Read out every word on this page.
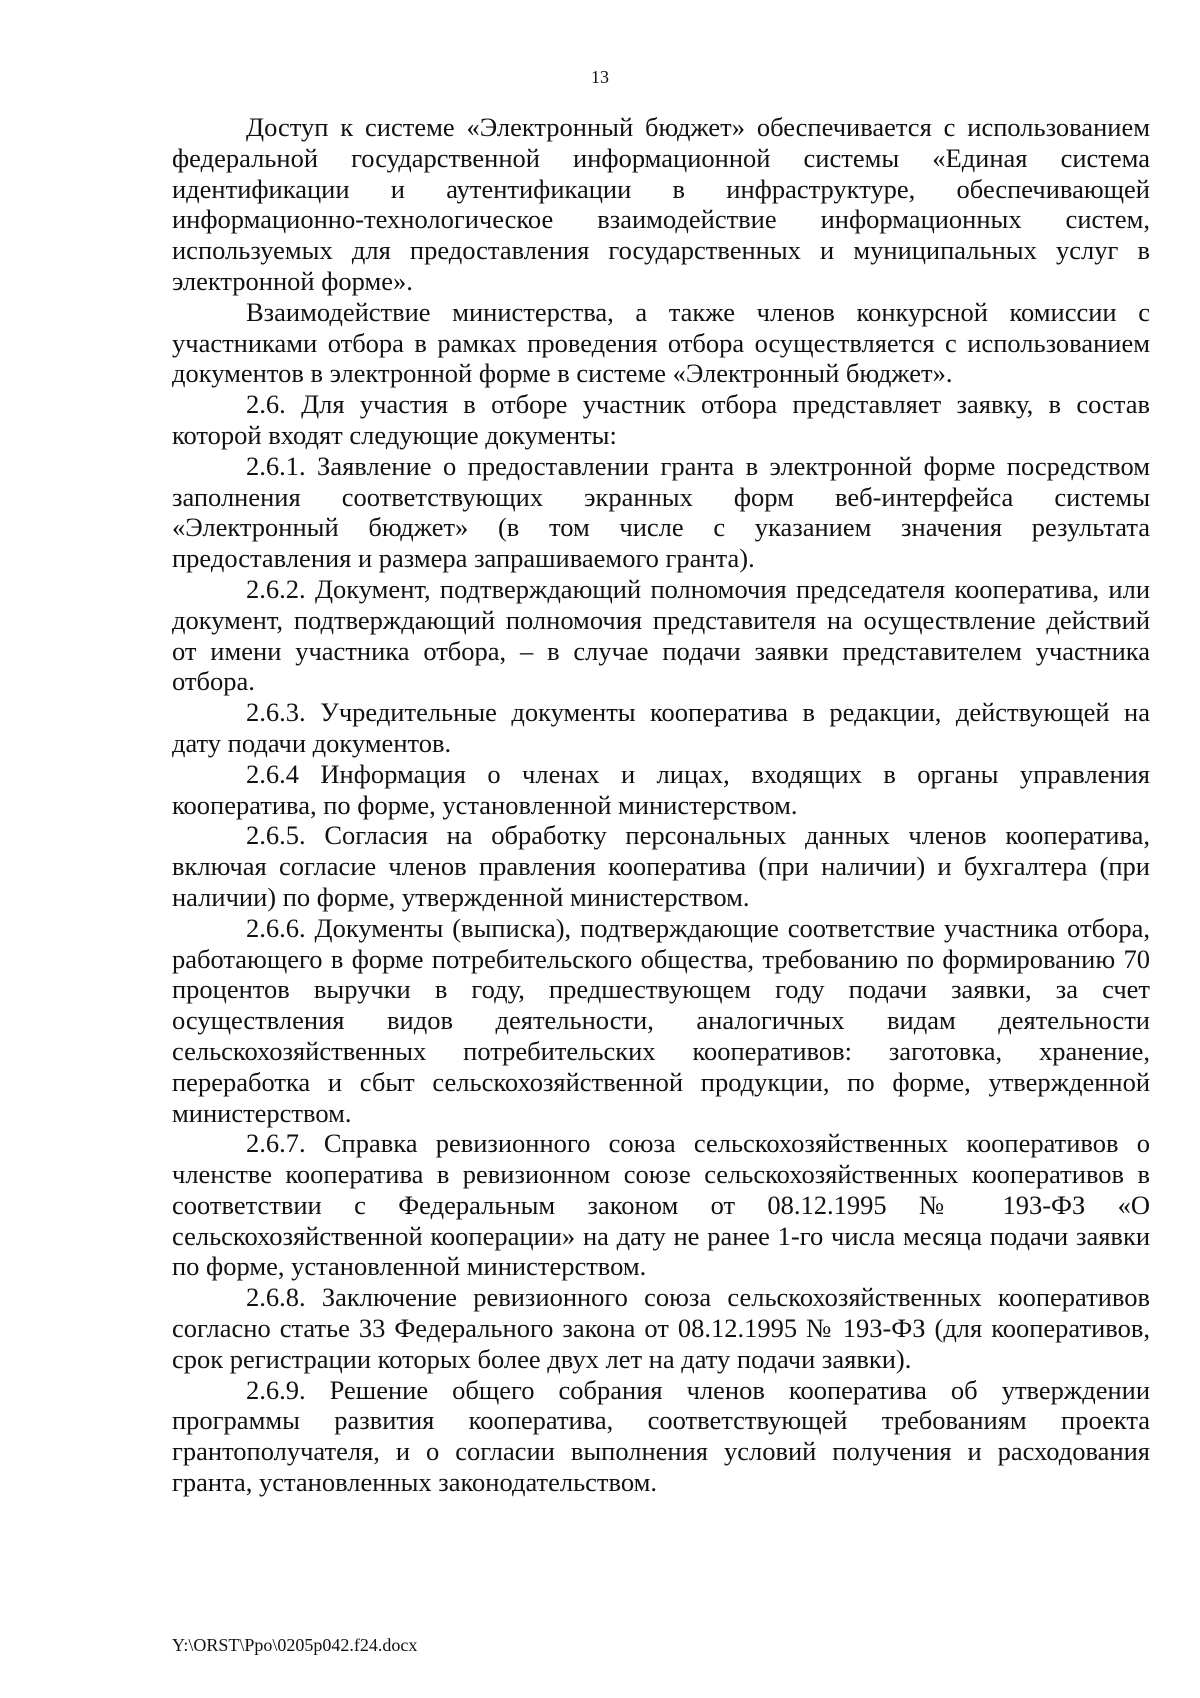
13

Доступ к системе «Электронный бюджет» обеспечивается с использованием федеральной государственной информационной системы «Единая система идентификации и аутентификации в инфраструктуре, обеспечивающей информационно-технологическое взаимодействие информационных систем, используемых для предоставления государственных и муниципальных услуг в электронной форме».

Взаимодействие министерства, а также членов конкурсной комиссии с участниками отбора в рамках проведения отбора осуществляется с использованием документов в электронной форме в системе «Электронный бюджет».

2.6. Для участия в отборе участник отбора представляет заявку, в состав которой входят следующие документы:

2.6.1. Заявление о предоставлении гранта в электронной форме посредством заполнения соответствующих экранных форм веб-интерфейса системы «Электронный бюджет» (в том числе с указанием значения результата предоставления и размера запрашиваемого гранта).

2.6.2. Документ, подтверждающий полномочия председателя кооператива, или документ, подтверждающий полномочия представителя на осуществление действий от имени участника отбора, – в случае подачи заявки представителем участника отбора.

2.6.3. Учредительные документы кооператива в редакции, действующей на дату подачи документов.

2.6.4 Информация о членах и лицах, входящих в органы управления кооператива, по форме, установленной министерством.

2.6.5. Согласия на обработку персональных данных членов кооператива, включая согласие членов правления кооператива (при наличии) и бухгалтера (при наличии) по форме, утвержденной министерством.

2.6.6. Документы (выписка), подтверждающие соответствие участника отбора, работающего в форме потребительского общества, требованию по формированию 70 процентов выручки в году, предшествующем году подачи заявки, за счет осуществления видов деятельности, аналогичных видам деятельности сельскохозяйственных потребительских кооперативов: заготовка, хранение, переработка и сбыт сельскохозяйственной продукции, по форме, утвержденной министерством.

2.6.7. Справка ревизионного союза сельскохозяйственных кооперативов о членстве кооператива в ревизионном союзе сельскохозяйственных кооперативов в соответствии с Федеральным законом от 08.12.1995 № 193-ФЗ «О сельскохозяйственной кооперации» на дату не ранее 1-го числа месяца подачи заявки по форме, установленной министерством.

2.6.8. Заключение ревизионного союза сельскохозяйственных кооперативов согласно статье 33 Федерального закона от 08.12.1995 № 193-ФЗ (для кооперативов, срок регистрации которых более двух лет на дату подачи заявки).

2.6.9. Решение общего собрания членов кооператива об утверждении программы развития кооператива, соответствующей требованиям проекта грантополучателя, и о согласии выполнения условий получения и расходования гранта, установленных законодательством.

Y:\ORST\Ppo\0205p042.f24.docx
